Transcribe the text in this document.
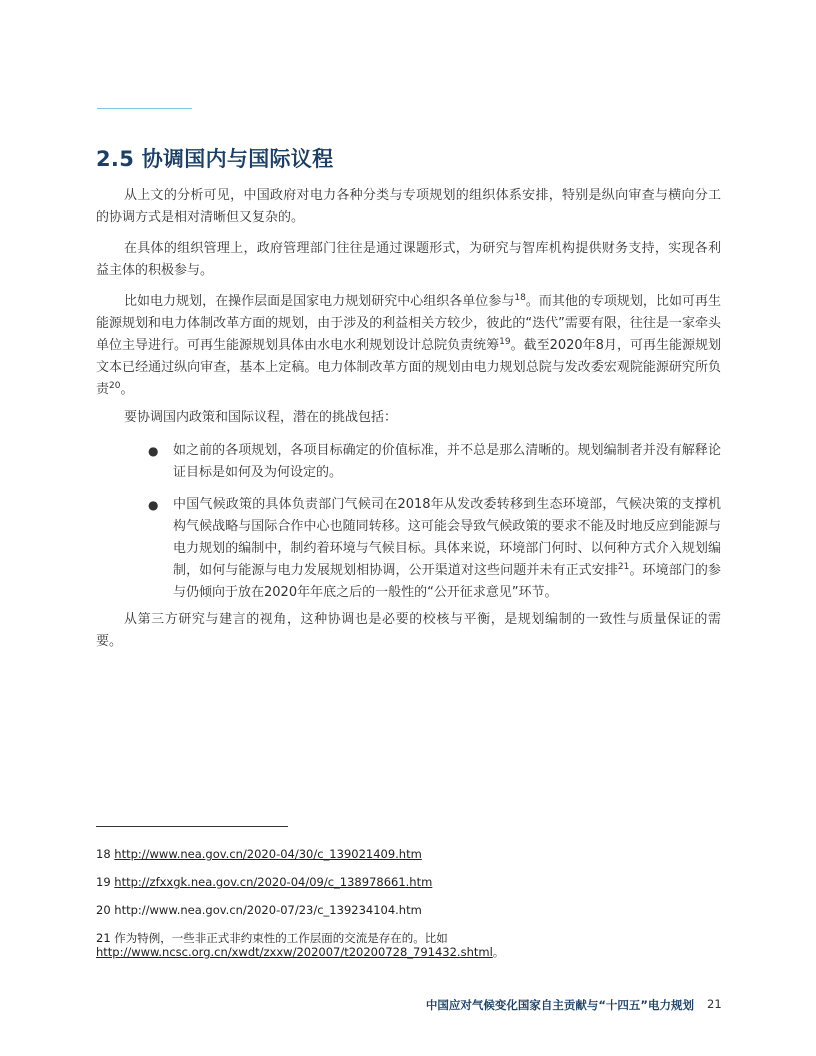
2.5 协调国内与国际议程

从上文的分析可见，中国政府对电力各种分类与专项规划的组织体系安排，特别是纵向审查与横向分工的协调方式是相对清晰但又复杂的。

在具体的组织管理上，政府管理部门往往是通过课题形式，为研究与智库机构提供财务支持，实现各利益主体的积极参与。

比如电力规划，在操作层面是国家电力规划研究中心组织各单位参与$^{18}$。而其他的专项规划，比如可再生能源规划和电力体制改革方面的规划，由于涉及的利益相关方较少，彼此的“迭代”需要有限，往往是一家牵头单位主导进行。可再生能源规划具体由水电水利规划设计总院负责统筹$^{19}$。截至2020年8月，可再生能源规划文本已经通过纵向审查，基本上定稿。电力体制改革方面的规划由电力规划总院与发改委宏观院能源研究所负责$^{20}$。

要协调国内政策和国际议程，潜在的挑战包括：

● 如之前的各项规划，各项目标确定的价值标准，并不总是那么清晰的。规划编制者并没有解释论证目标是如何及为何设定的。

● 中国气候政策的具体负责部门气候司在2018年从发改委转移到生态环境部，气候决策的支撑机构气候战略与国际合作中心也随同转移。这可能会导致气候政策的要求不能及时地反应到能源与电力规划的编制中，制约着环境与气候目标。具体来说，环境部门何时、以何种方式介入规划编制，如何与能源与电力发展规划相协调，公开渠道对这些问题并未有正式安排$^{21}$。环境部门的参与仍倾向于放在2020年年底之后的一般性的“公开征求意见”环节。

从第三方研究与建言的视角，这种协调也是必要的校核与平衡，是规划编制的一致性与质量保证的需要。

18 http://www.nea.gov.cn/2020-04/30/c_139021409.htm

19 http://zfxxgk.nea.gov.cn/2020-04/09/c_138978661.htm

20 http://www.nea.gov.cn/2020-07/23/c_139234104.htm

21 作为特例，一些非正式非约束性的工作层面的交流是存在的。比如
http://www.ncsc.org.cn/xwdt/zxxw/202007/t20200728_791432.shtml。

中国应对气候变化国家自主贡献与“十四五”电力规划 21
